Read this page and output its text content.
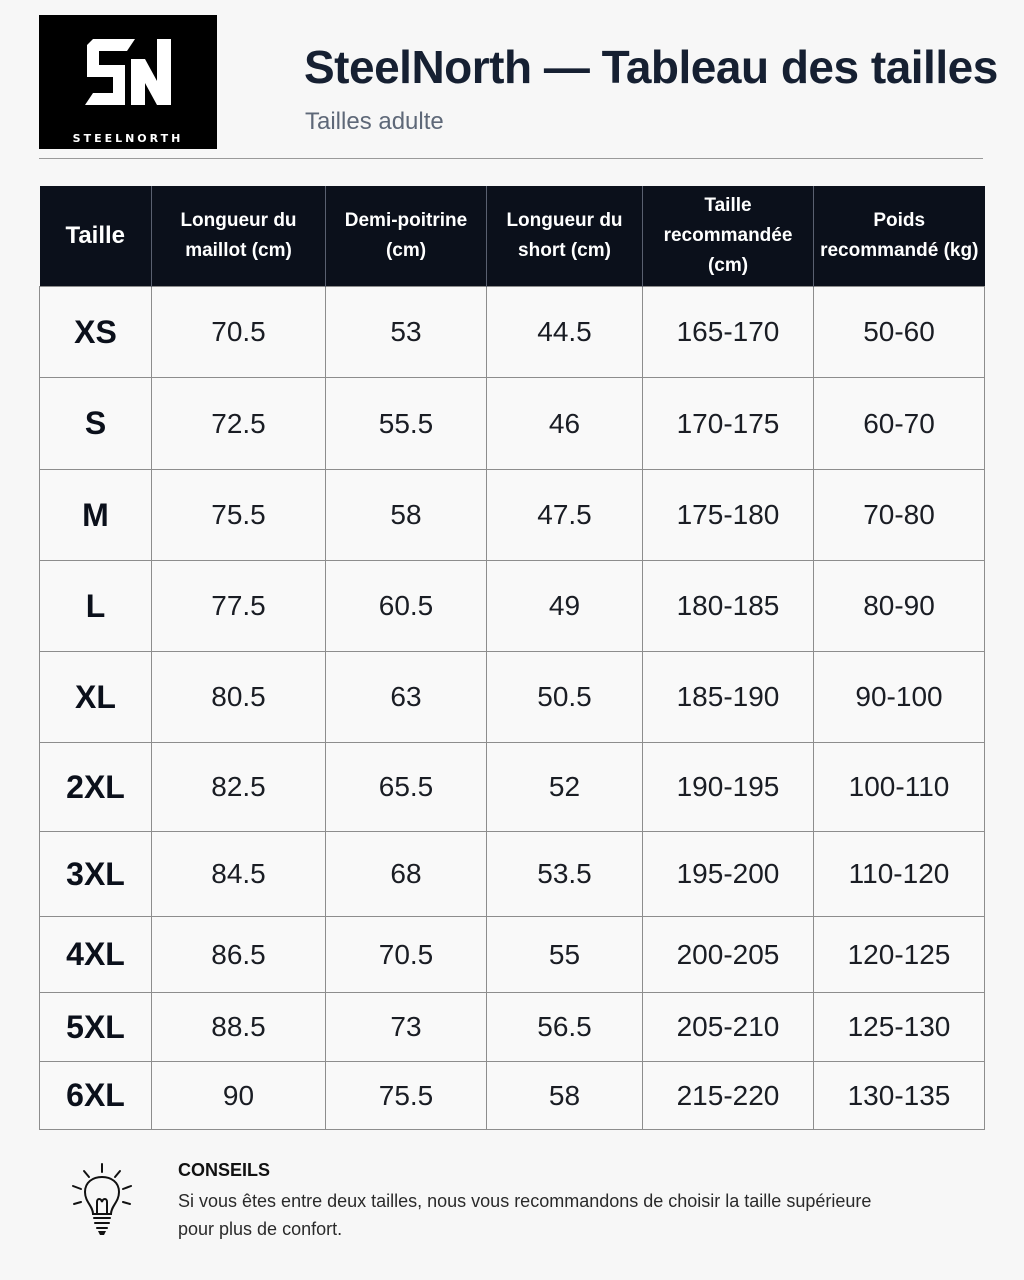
STEELNORTH
SteelNorth — Tableau des tailles
Tailles adulte
Taille	Longueur du maillot (cm)	Demi-poitrine (cm)	Longueur du short (cm)	Taille recommandée (cm)	Poids recommandé (kg)
XS	70.5	53	44.5	165-170	50-60
S	72.5	55.5	46	170-175	60-70
M	75.5	58	47.5	175-180	70-80
L	77.5	60.5	49	180-185	80-90
XL	80.5	63	50.5	185-190	90-100
2XL	82.5	65.5	52	190-195	100-110
3XL	84.5	68	53.5	195-200	110-120
4XL	86.5	70.5	55	200-205	120-125
5XL	88.5	73	56.5	205-210	125-130
6XL	90	75.5	58	215-220	130-135
CONSEILS
Si vous êtes entre deux tailles, nous vous recommandons de choisir la taille supérieure pour plus de confort.
